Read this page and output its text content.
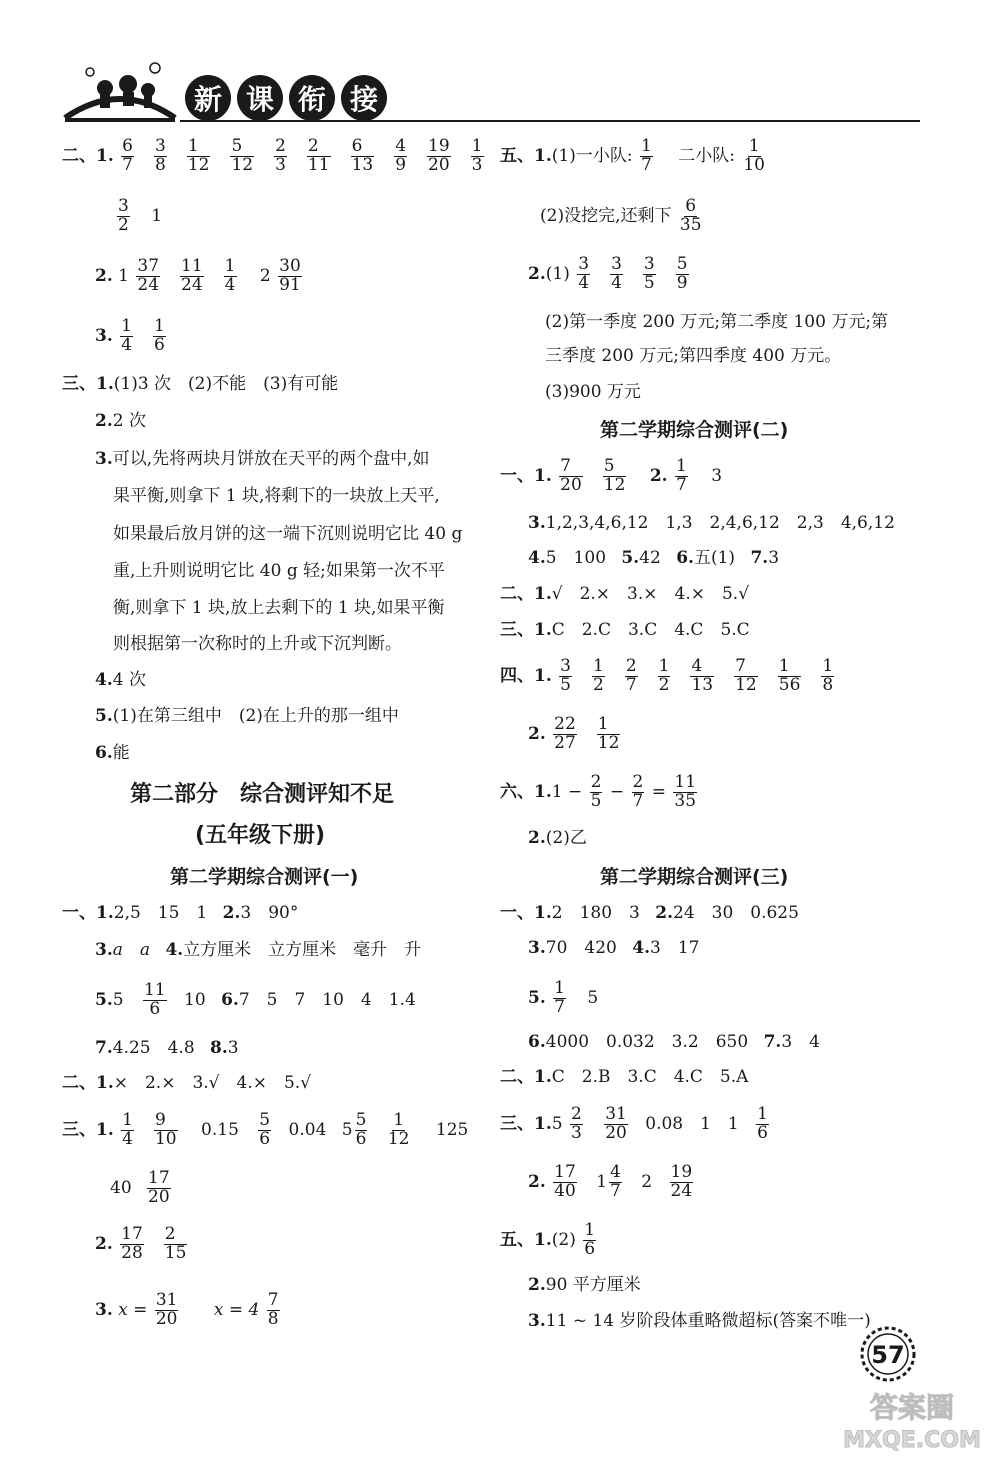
新 课 衔 接
二、1. $\frac{6}{7} \frac{3}{8} \frac{1}{12} \frac{5}{12} \frac{2}{3} \frac{2}{11} \frac{6}{13} \frac{4}{9} \frac{19}{20} \frac{1}{3}$
$\frac{3}{2} 1$
2. $1 \frac{37}{24} \frac{11}{24} \frac{1}{4} 2 \frac{30}{91}$
3. $\frac{1}{4} \frac{1}{6}$
三、1.(1)3 次　(2)不能　(3)有可能
2.2 次
3.可以,先将两块月饼放在天平的两个盘中,如
果平衡,则拿下 1 块,将剩下的一块放上天平,
如果最后放月饼的这一端下沉则说明它比 40 g
重,上升则说明它比 40 g 轻;如果第一次不平
衡,则拿下 1 块,放上去剩下的 1 块,如果平衡
则根据第一次称时的上升或下沉判断。
4.4 次
5.(1)在第三组中　(2)在上升的那一组中
6.能
第二部分　综合测评知不足
(五年级下册)
第二学期综合测评(一)
一、1.2,5　15　1 2.3　90°
3.a　a 4.立方厘米　立方厘米　毫升　升
$5.5 \frac{11}{6} 10$ 6.7　5　7　10　4　1.4
7.4.25　4.8 8.3
二、1.×　2.×　3.√　4.×　5.√
三、1. $\frac{1}{4} \frac{9}{10} 0.15 \frac{5}{6} 0.04$ $5 \frac{5}{6}$
$\frac{1}{12} 125$
$40 \frac{17}{20}$
2. $\frac{17}{28} \frac{2}{15}$
3. $x = \frac{31}{20}$ $x = 4 \frac{7}{8}$
五、1.(1)一小队: $\frac{1}{7}$ 二小队: $\frac{1}{10}$
(2)没挖完,还剩下 $\frac{6}{35}$
$2.(1) \frac{3}{4} \frac{3}{4} \frac{3}{5} \frac{5}{9}$
(2)第一季度 200 万元;第二季度 100 万元;第
三季度 200 万元;第四季度 400 万元。
(3)900 万元
第二学期综合测评(二)
一、1. $\frac{7}{20} \frac{5}{12} 2$. $\frac{1}{7} 3$
3.1,2,3,4,6,12　1,3　2,4,6,12　2,3　4,6,12
4.5　100 5.42 6.五(1) 7.3
二、1.√　2.×　3.×　4.×　5.√
三、1.C　2.C　3.C　4.C　5.C
四、1. $\frac{3}{5} \frac{1}{2} \frac{2}{7} \frac{1}{2} \frac{4}{13} \frac{7}{12} \frac{1}{56} \frac{1}{8}$
2. $\frac{22}{27} \frac{1}{12}$
六、$1.1 - \frac{2}{5} - \frac{2}{7} = \frac{11}{35}$
2.(2)乙
第二学期综合测评(三)
一、1.2　180　3 2.24　30　0.625
3.70　420 4.3　17
5. $\frac{1}{7} 5$
6.4000　0.032　3.2　650 7.3　4
二、1.C　2.B　3.C　4.C　5.A
三、$1.5 \frac{2}{3}$
$\frac{31}{20} 0.08$　1　$1 \frac{1}{6}$
2. $\frac{17}{40} 1 \frac{4}{7} 2 \frac{19}{24}$
五、$1.(2) \frac{1}{6}$
2.90 平方厘米
3.11 ~ 14 岁阶段体重略微超标(答案不唯一)
57
答案圈
MXQE.COM
